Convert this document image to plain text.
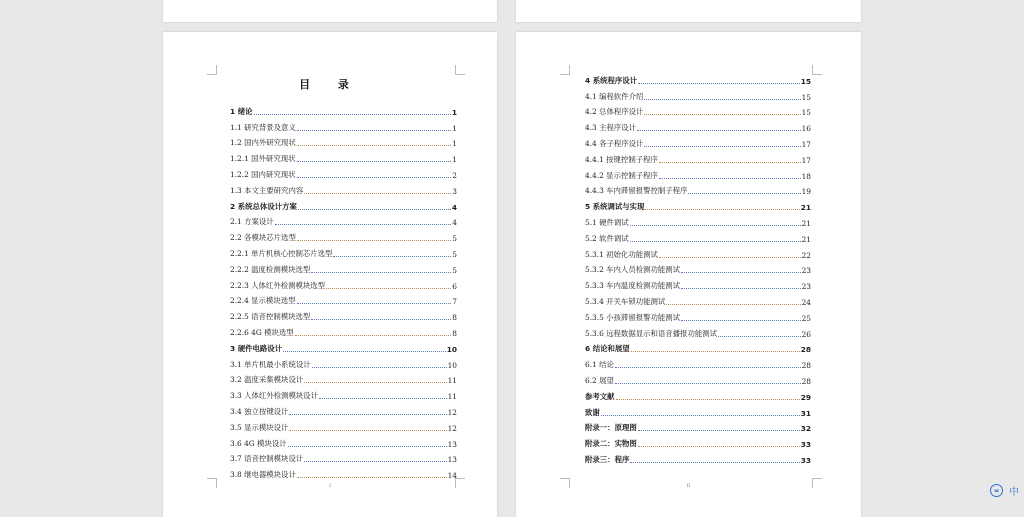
目 录
1 绪论	1
1.1 研究背景及意义	1
1.2 国内外研究现状	1
1.2.1 国外研究现状	1
1.2.2 国内研究现状	2
1.3 本文主要研究内容	3
2 系统总体设计方案	4
2.1 方案设计	4
2.2 各模块芯片选型	5
2.2.1 单片机核心控制芯片选型	5
2.2.2 温度检测模块选型	5
2.2.3 人体红外检测模块选型	6
2.2.4 显示模块选型	7
2.2.5 语音控制模块选型	8
2.2.6 4G 模块选型	8
3 硬件电路设计	10
3.1 单片机最小系统设计	10
3.2 温度采集模块设计	11
3.3 人体红外检测模块设计	11
3.4 独立按键设计	12
3.5 显示模块设计	12
3.6 4G 模块设计	13
3.7 语音控制模块设计	13
3.8 继电器模块设计	14
I
4 系统程序设计	15
4.1 编程软件介绍	15
4.2 总体程序设计	15
4.3 主程序设计	16
4.4 各子程序设计	17
4.4.1 按键控制子程序	17
4.4.2 显示控制子程序	18
4.4.3 车内滞留报警控制子程序	19
5 系统调试与实现	21
5.1 硬件调试	21
5.2 软件调试	21
5.3.1 初始化功能测试	22
5.3.2 车内人员检测功能测试	23
5.3.3 车内温度检测功能测试	23
5.3.4 开关车锁功能测试	24
5.3.5 小孩滞留报警功能测试	25
5.3.6 远程数据显示和语音播报功能测试	26
6 结论和展望	28
6.1 结论	28
6.2 展望	28
参考文献	29
致谢	31
附录一：原理图	32
附录二：实物图	33
附录三：程序	33
II
ω	中
